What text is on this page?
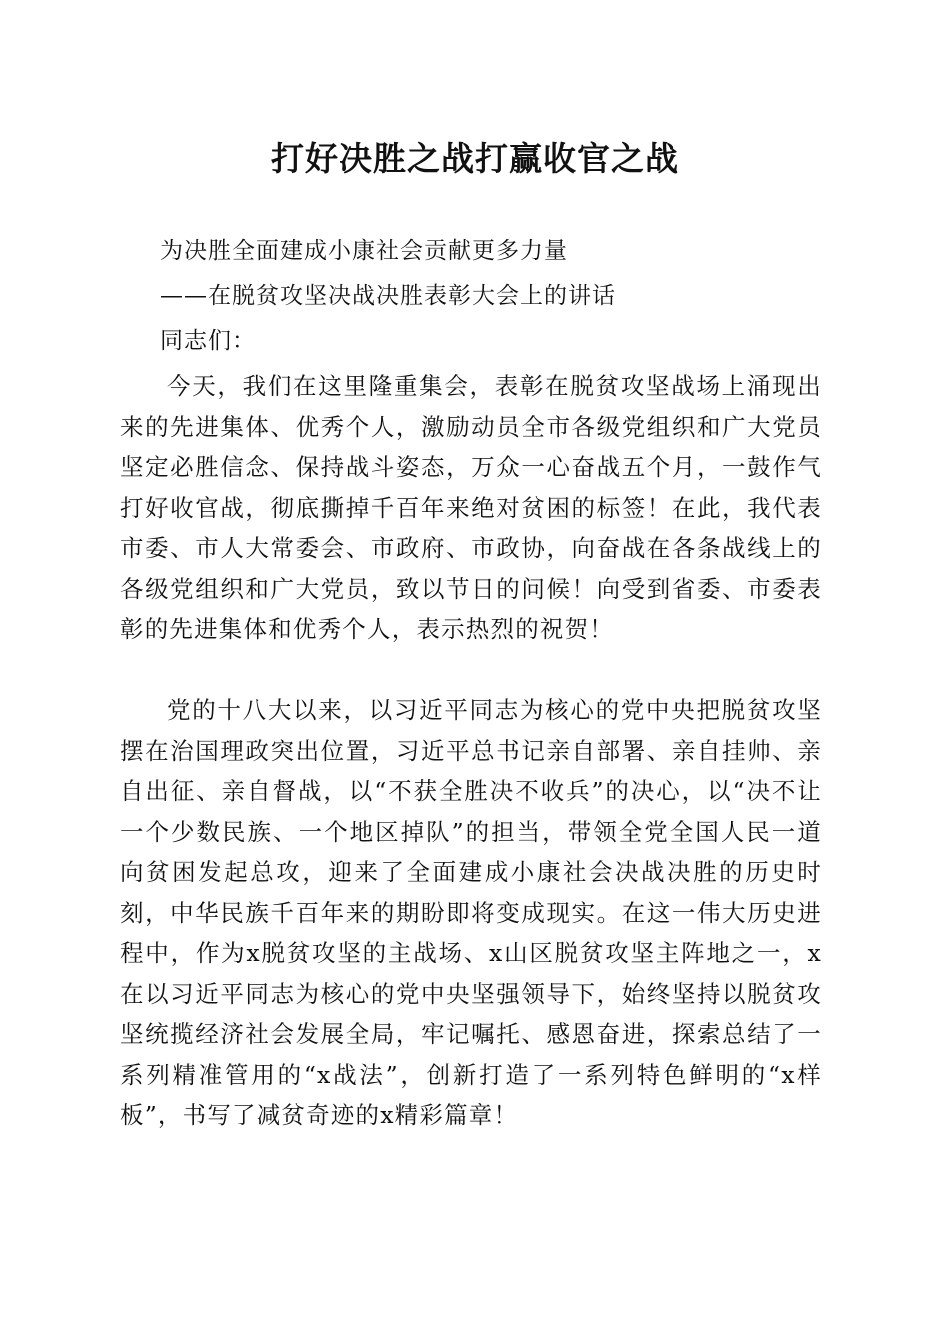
打好决胜之战打赢收官之战

为决胜全面建成小康社会贡献更多力量

——在脱贫攻坚决战决胜表彰大会上的讲话

同志们：

今天，我们在这里隆重集会，表彰在脱贫攻坚战场上涌现出来的先进集体、优秀个人，激励动员全市各级党组织和广大党员坚定必胜信念、保持战斗姿态，万众一心奋战五个月，一鼓作气打好收官战，彻底撕掉千百年来绝对贫困的标签！在此，我代表市委、市人大常委会、市政府、市政协，向奋战在各条战线上的各级党组织和广大党员，致以节日的问候！向受到省委、市委表彰的先进集体和优秀个人，表示热烈的祝贺！

党的十八大以来，以习近平同志为核心的党中央把脱贫攻坚摆在治国理政突出位置，习近平总书记亲自部署、亲自挂帅、亲自出征、亲自督战，以“不获全胜决不收兵”的决心，以“决不让一个少数民族、一个地区掉队”的担当，带领全党全国人民一道向贫困发起总攻，迎来了全面建成小康社会决战决胜的历史时刻，中华民族千百年来的期盼即将变成现实。在这一伟大历史进程中，作为x脱贫攻坚的主战场、x山区脱贫攻坚主阵地之一，x在以习近平同志为核心的党中央坚强领导下，始终坚持以脱贫攻坚统揽经济社会发展全局，牢记嘱托、感恩奋进，探索总结了一系列精准管用的“x战法”，创新打造了一系列特色鲜明的“x样板”，书写了减贫奇迹的x精彩篇章！
